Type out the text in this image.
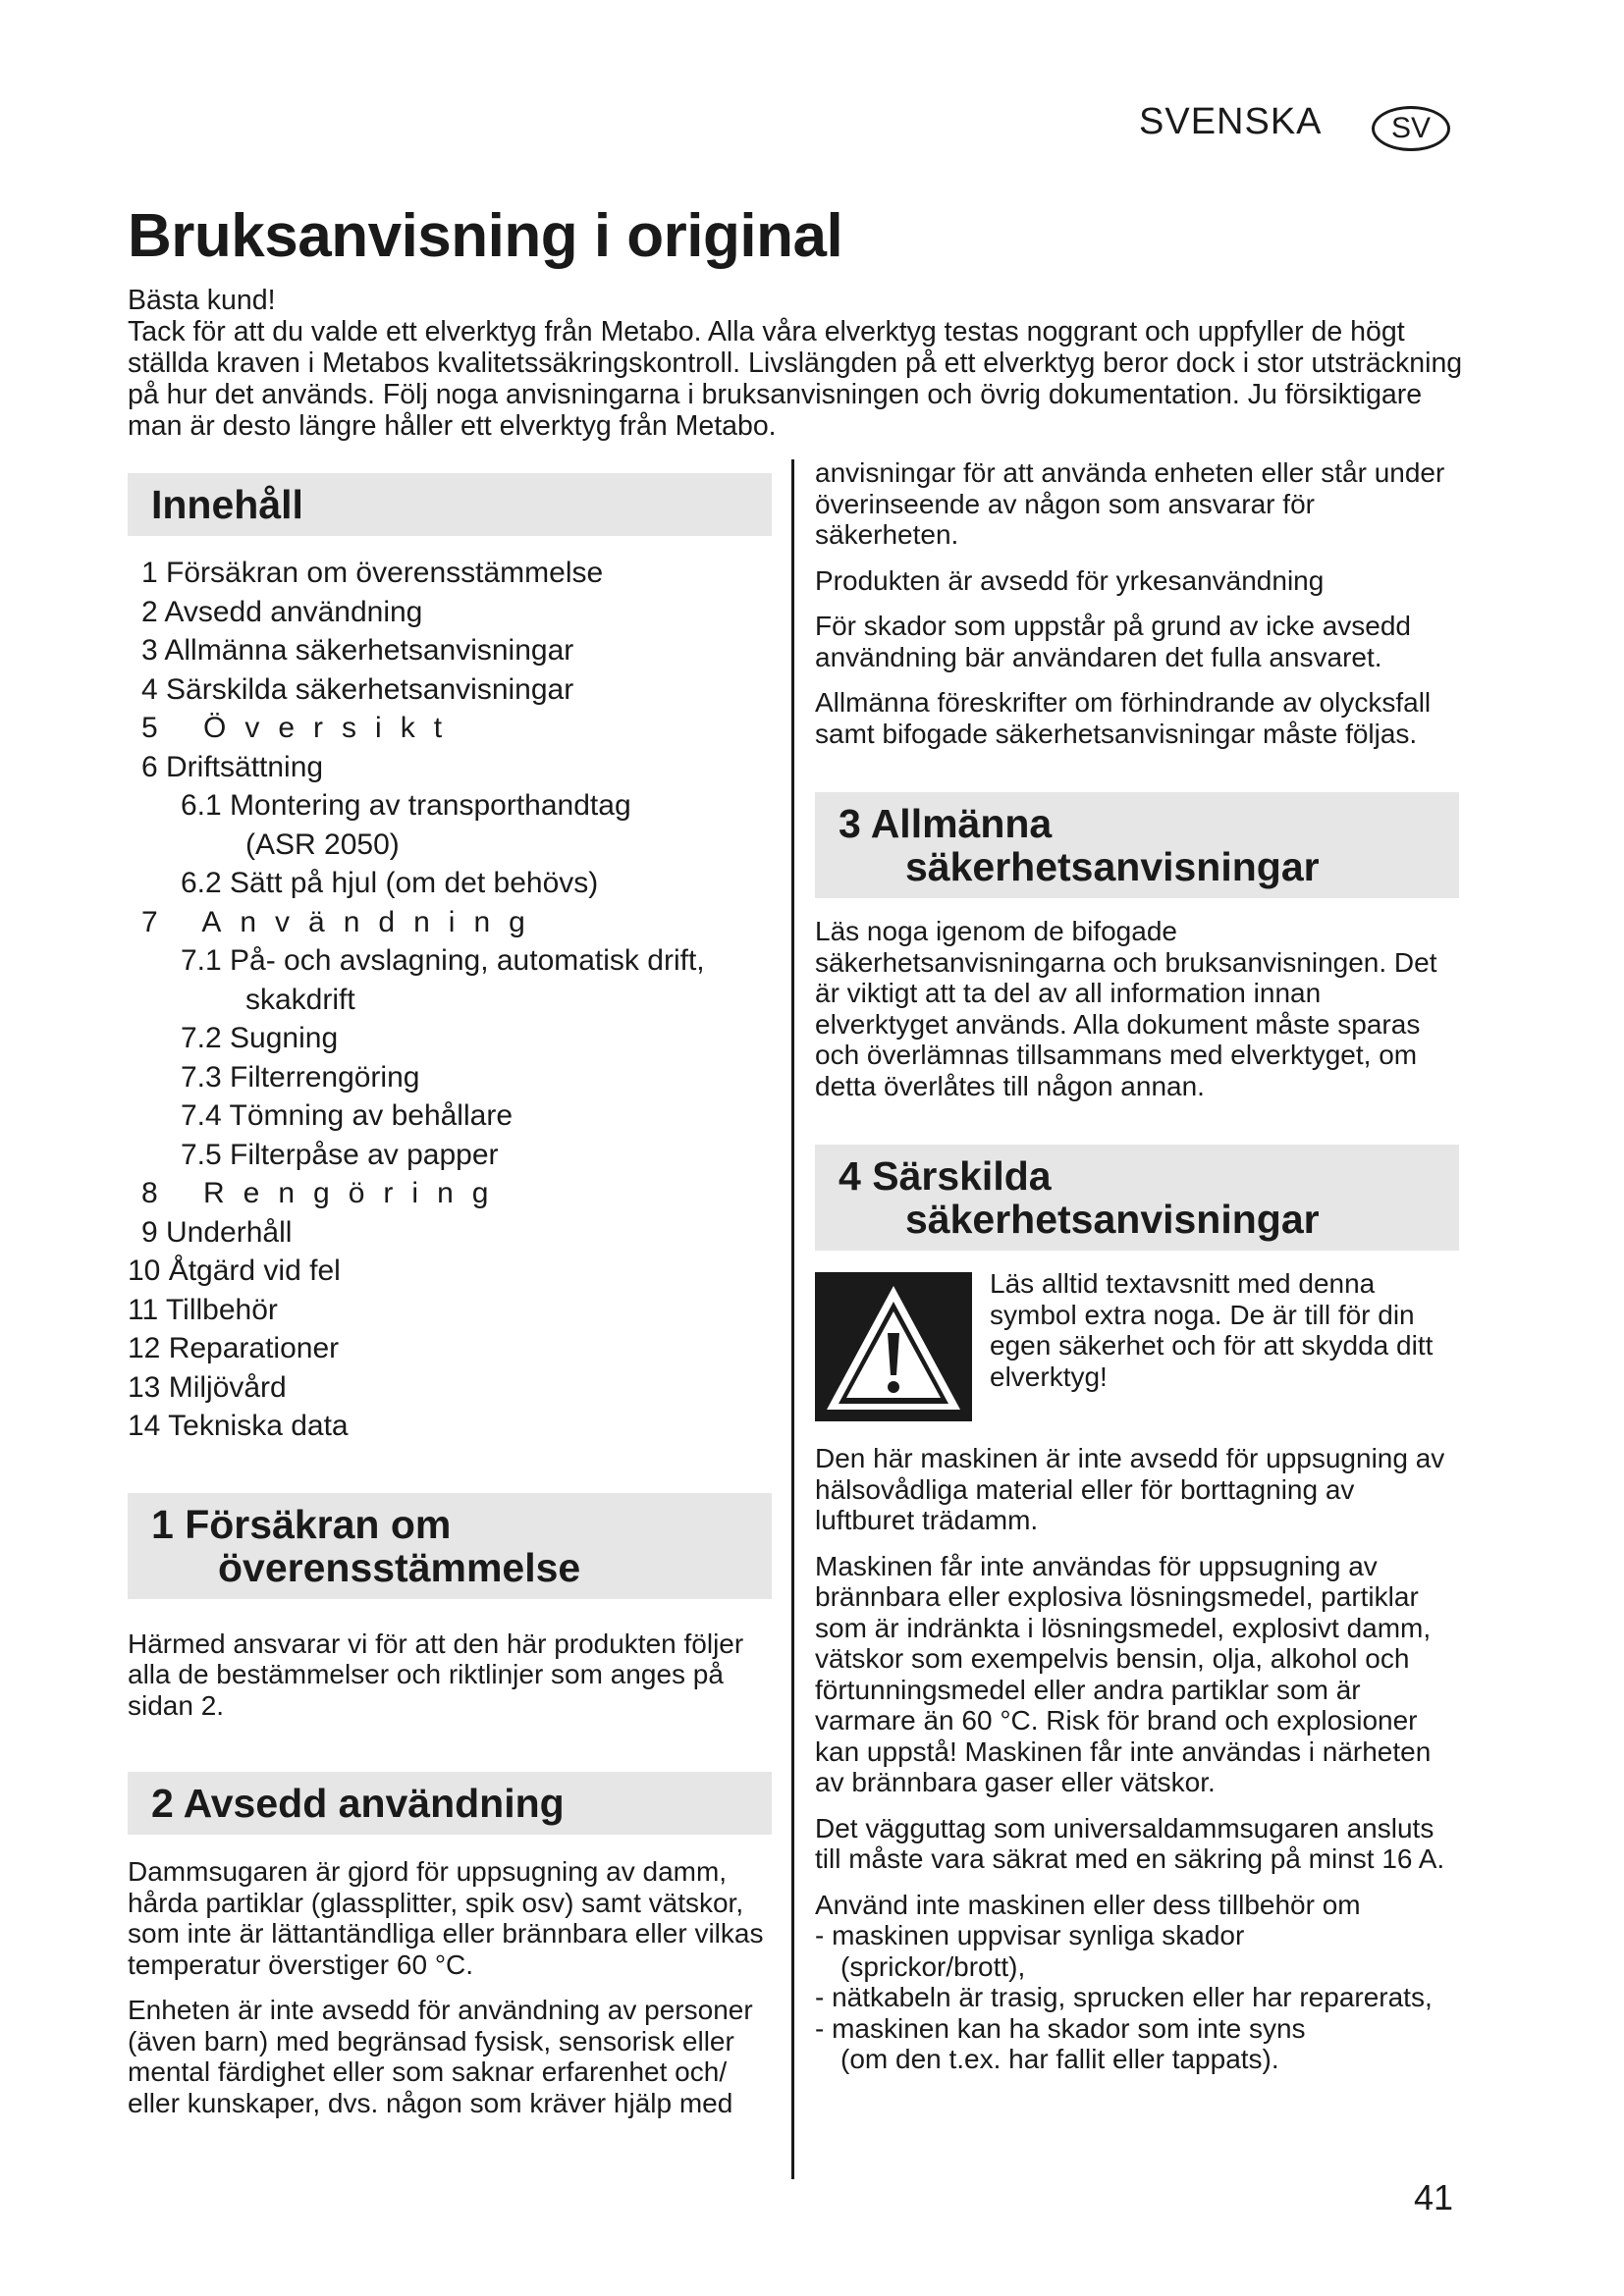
SVENSKA	SV
Bruksanvisning i original

Bästa kund!

Tack för att du valde ett elverktyg från Metabo. Alla våra elverktyg testas noggrant och uppfyller de högt ställda kraven i Metabos kvalitetssäkringskontroll. Livslängden på ett elverktyg beror dock i stor utsträckning på hur det används. Följ noga anvisningarna i bruksanvisningen och övrig dokumentation. Ju försiktigare man är desto längre håller ett elverktyg från Metabo.

Innehåll
1 Försäkran om överensstämmelse
2 Avsedd användning
3 Allmänna säkerhetsanvisningar
4 Särskilda säkerhetsanvisningar
5 Översikt
6 Driftsättning
6.1 Montering av transporthandtag
(ASR 2050)
6.2 Sätt på hjul (om det behövs)
7 Användning
7.1 På- och avslagning, automatisk drift,
skakdrift
7.2 Sugning
7.3 Filterrengöring
7.4 Tömning av behållare
7.5 Filterpåse av papper
8 Rengöring
9 Underhåll
10 Åtgärd vid fel
11 Tillbehör
12 Reparationer
13 Miljövård
14 Tekniska data
1 Försäkran om
överensstämmelse

Härmed ansvarar vi för att den här produkten följer alla de bestämmelser och riktlinjer som anges på sidan 2.

2 Avsedd användning

Dammsugaren är gjord för uppsugning av damm, hårda partiklar (glassplitter, spik osv) samt vätskor, som inte är lättantändliga eller brännbara eller vilkas temperatur överstiger 60 °C.

Enheten är inte avsedd för användning av personer (även barn) med begränsad fysisk, sensorisk eller mental färdighet eller som saknar erfarenhet och/ eller kunskaper, dvs. någon som kräver hjälp med

anvisningar för att använda enheten eller står under överinseende av någon som ansvarar för säkerheten.

Produkten är avsedd för yrkesanvändning

För skador som uppstår på grund av icke avsedd användning bär användaren det fulla ansvaret.

Allmänna föreskrifter om förhindrande av olycksfall samt bifogade säkerhetsanvisningar måste följas.

3 Allmänna
säkerhetsanvisningar

Läs noga igenom de bifogade säkerhetsanvisningarna och bruksanvisningen. Det är viktigt att ta del av all information innan elverktyget används. Alla dokument måste sparas och överlämnas tillsammans med elverktyget, om detta överlåtes till någon annan.

4 Särskilda
säkerhetsanvisningar
Läs alltid textavsnitt med denna symbol extra noga. De är till för din egen säkerhet och för att skydda ditt elverktyg!

Den här maskinen är inte avsedd för uppsugning av hälsovådliga material eller för borttagning av luftburet trädamm.

Maskinen får inte användas för uppsugning av brännbara eller explosiva lösningsmedel, partiklar som är indränkta i lösningsmedel, explosivt damm, vätskor som exempelvis bensin, olja, alkohol och förtunningsmedel eller andra partiklar som är varmare än 60 °C. Risk för brand och explosioner kan uppstå! Maskinen får inte användas i närheten av brännbara gaser eller vätskor.

Det vägguttag som universaldammsugaren ansluts till måste vara säkrat med en säkring på minst 16 A.

Använd inte maskinen eller dess tillbehör om

- maskinen uppvisar synliga skador
(sprickor/brott),
- nätkabeln är trasig, sprucken eller har reparerats,
- maskinen kan ha skador som inte syns
(om den t.ex. har fallit eller tappats).
41
